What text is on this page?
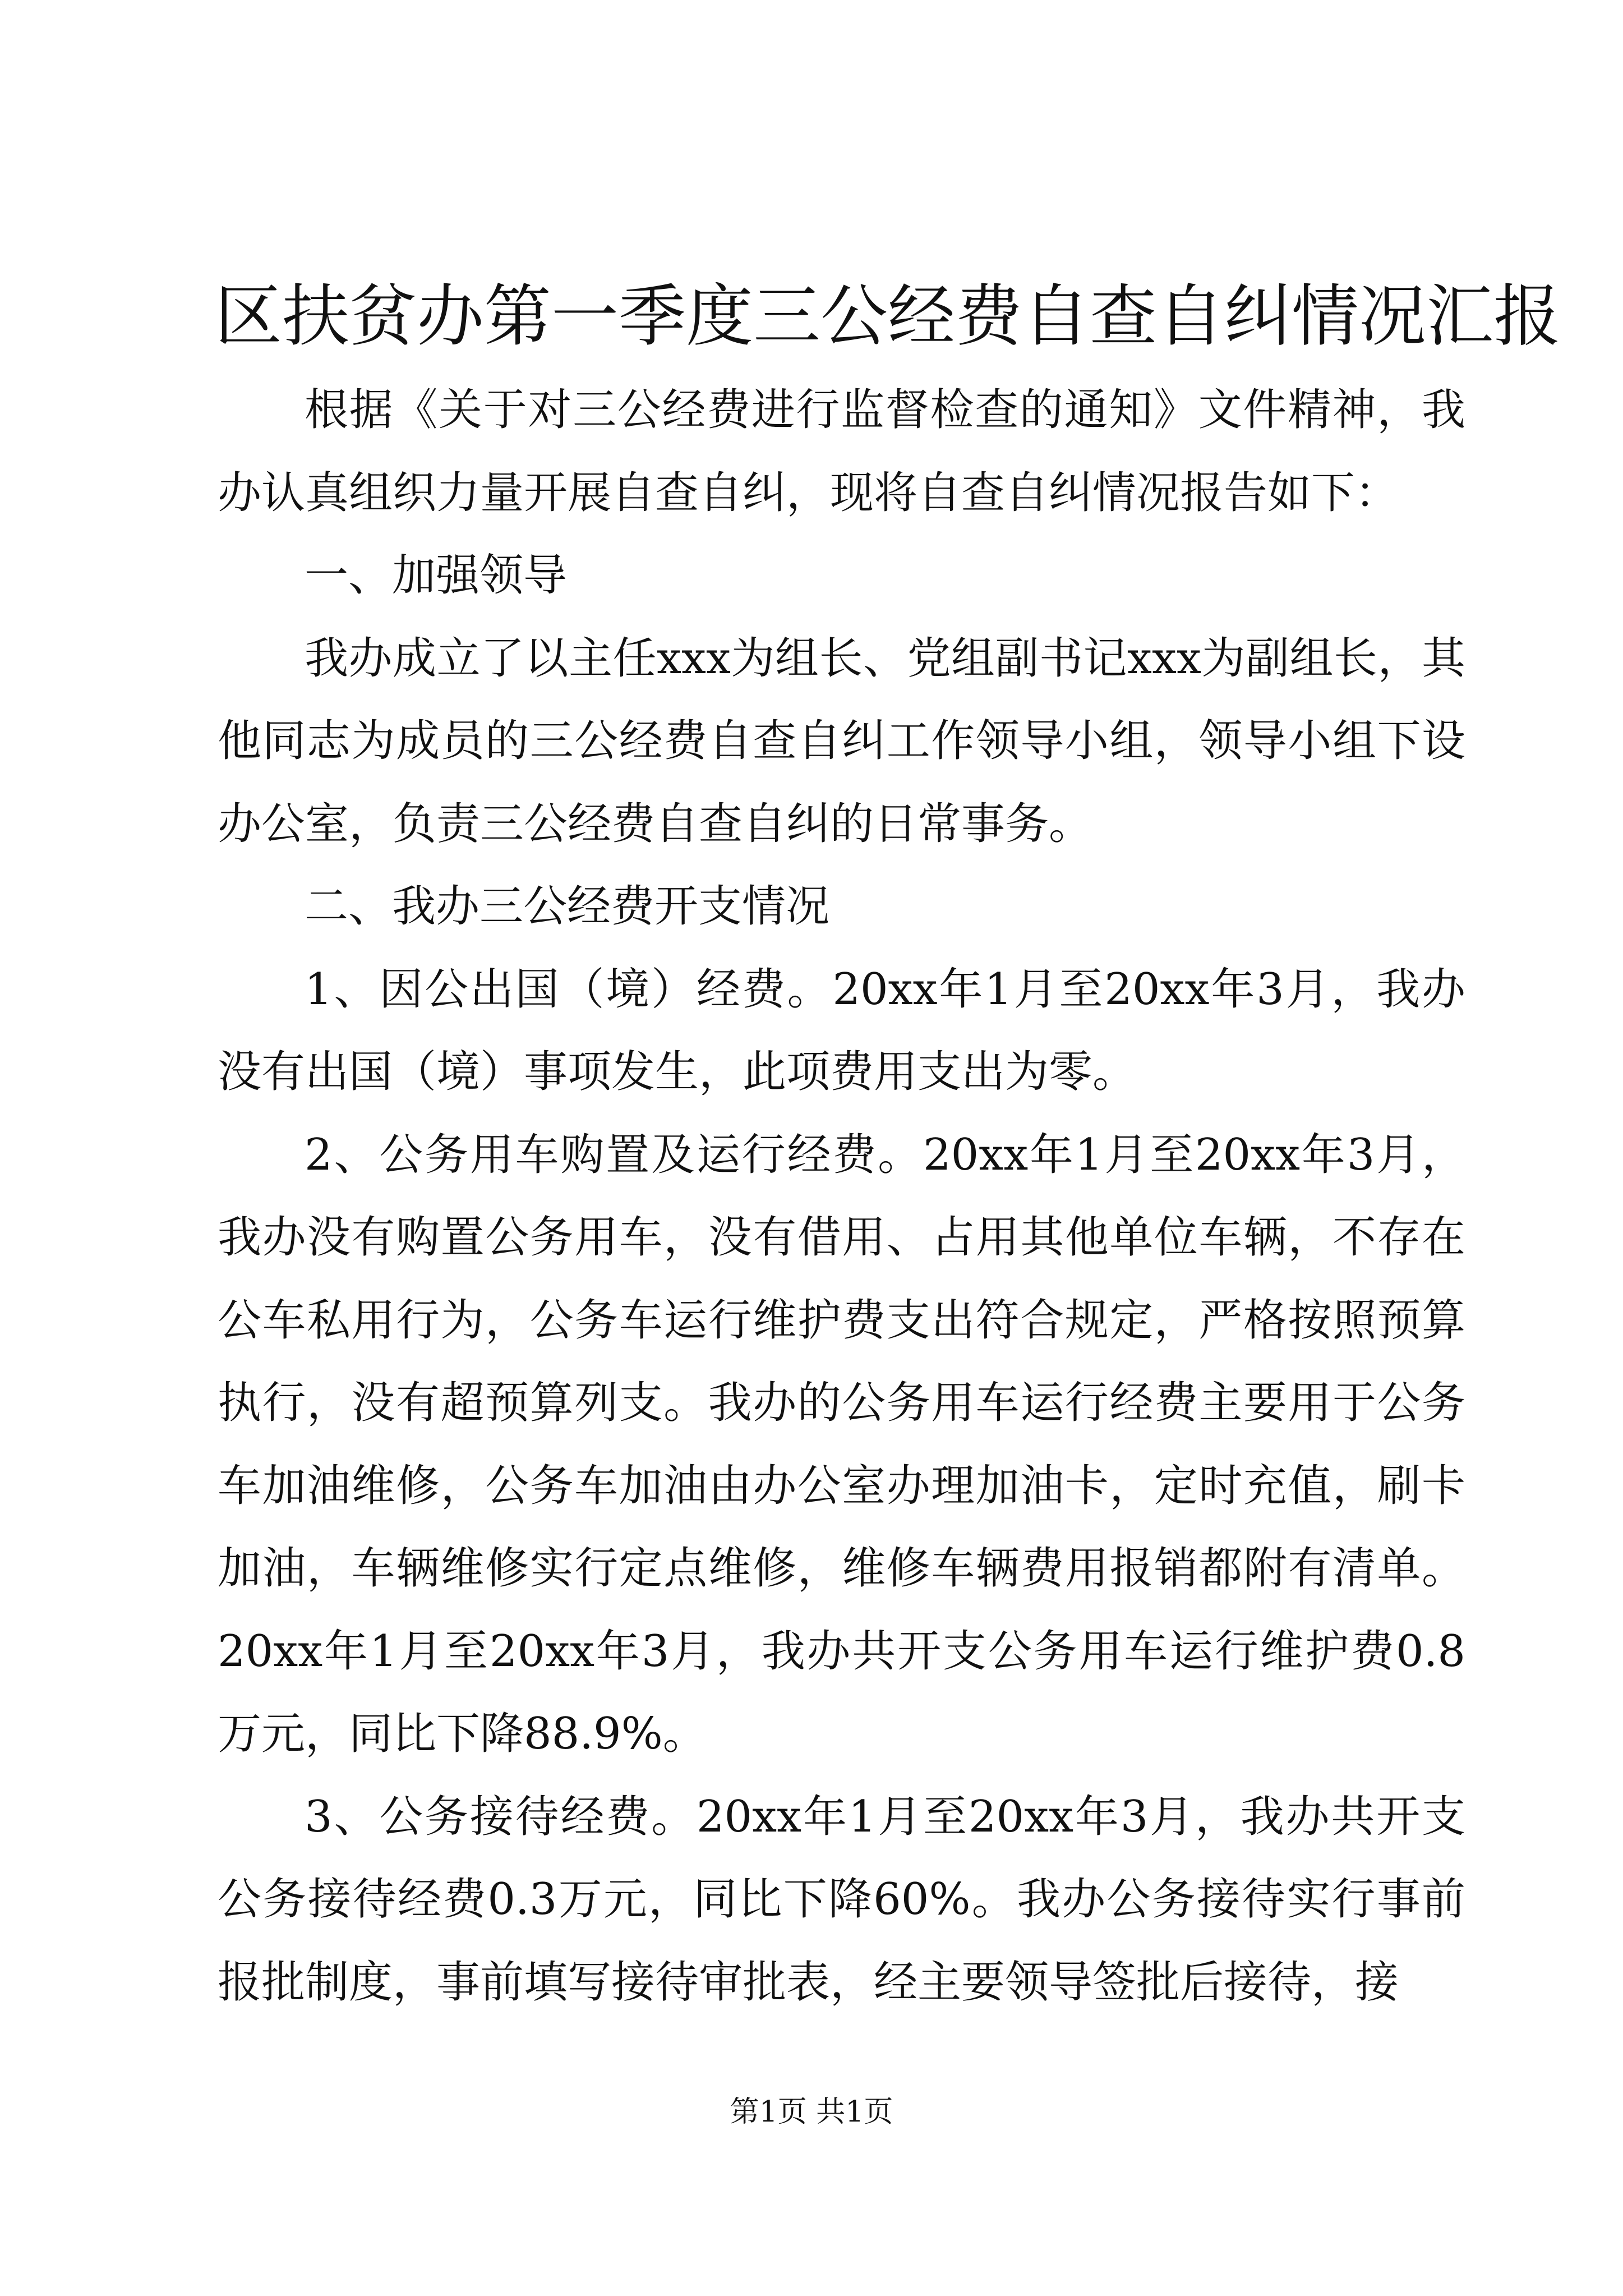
区扶贫办第一季度三公经费自查自纠情况汇报

根据《关于对三公经费进行监督检查的通知》文件精神，我办认真组织力量开展自查自纠，现将自查自纠情况报告如下：

一、加强领导

我办成立了以主任xxx为组长、党组副书记xxx为副组长，其他同志为成员的三公经费自查自纠工作领导小组，领导小组下设办公室，负责三公经费自查自纠的日常事务。

二、我办三公经费开支情况

1、因公出国（境）经费。20xx年1月至20xx年3月，我办没有出国（境）事项发生，此项费用支出为零。

2、公务用车购置及运行经费。20xx年1月至20xx年3月，我办没有购置公务用车，没有借用、占用其他单位车辆，不存在公车私用行为，公务车运行维护费支出符合规定，严格按照预算执行，没有超预算列支。我办的公务用车运行经费主要用于公务车加油维修，公务车加油由办公室办理加油卡，定时充值，刷卡加油，车辆维修实行定点维修，维修车辆费用报销都附有清单。20xx年1月至20xx年3月，我办共开支公务用车运行维护费0.8万元，同比下降88.9%。

3、公务接待经费。20xx年1月至20xx年3月，我办共开支公务接待经费0.3万元，同比下降60%。我办公务接待实行事前报批制度，事前填写接待审批表，经主要领导签批后接待，接

第1页 共1页
